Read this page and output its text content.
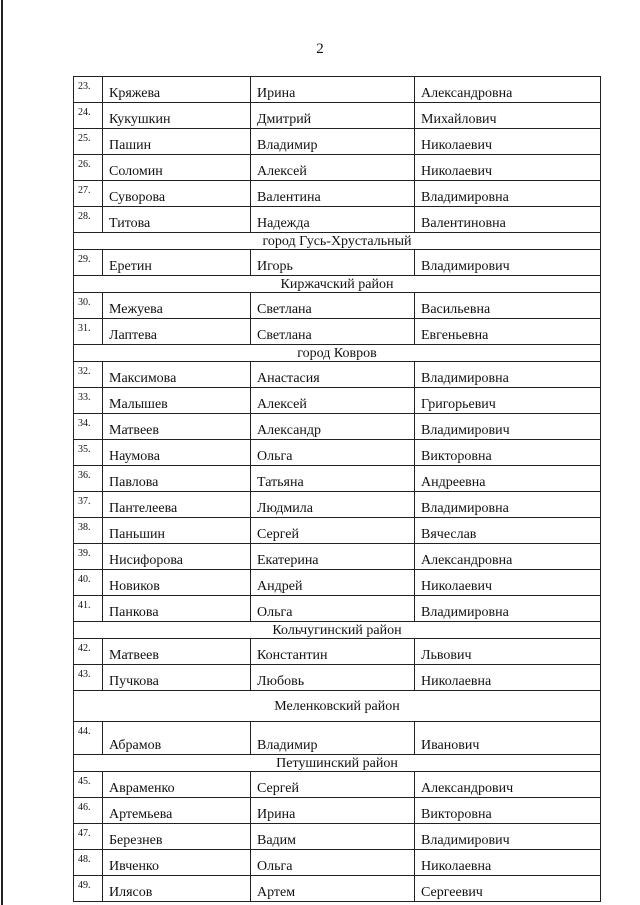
2
23.	Кряжева	Ирина	Александровна
24.	Кукушкин	Дмитрий	Михайлович
25.	Пашин	Владимир	Николаевич
26.	Соломин	Алексей	Николаевич
27.	Суворова	Валентина	Владимировна
28.	Титова	Надежда	Валентиновна
город Гусь-Хрустальный			
29.	Еретин	Игорь	Владимирович
Киржачский район			
30.	Межуева	Светлана	Васильевна
31.	Лаптева	Светлана	Евгеньевна
город Ковров			
32.	Максимова	Анастасия	Владимировна
33.	Малышев	Алексей	Григорьевич
34.	Матвеев	Александр	Владимирович
35.	Наумова	Ольга	Викторовна
36.	Павлова	Татьяна	Андреевна
37.	Пантелеева	Людмила	Владимировна
38.	Паньшин	Сергей	Вячеслав
39.	Нисифорова	Екатерина	Александровна
40.	Новиков	Андрей	Николаевич
41.	Панкова	Ольга	Владимировна
Кольчугинский район			
42.	Матвеев	Константин	Львович
43.	Пучкова	Любовь	Николаевна
Меленковский район			
44.	Абрамов	Владимир	Иванович
Петушинский район			
45.	Авраменко	Сергей	Александрович
46.	Артемьева	Ирина	Викторовна
47.	Березнев	Вадим	Владимирович
48.	Ивченко	Ольга	Николаевна
49.	Илясов	Артем	Сергеевич
